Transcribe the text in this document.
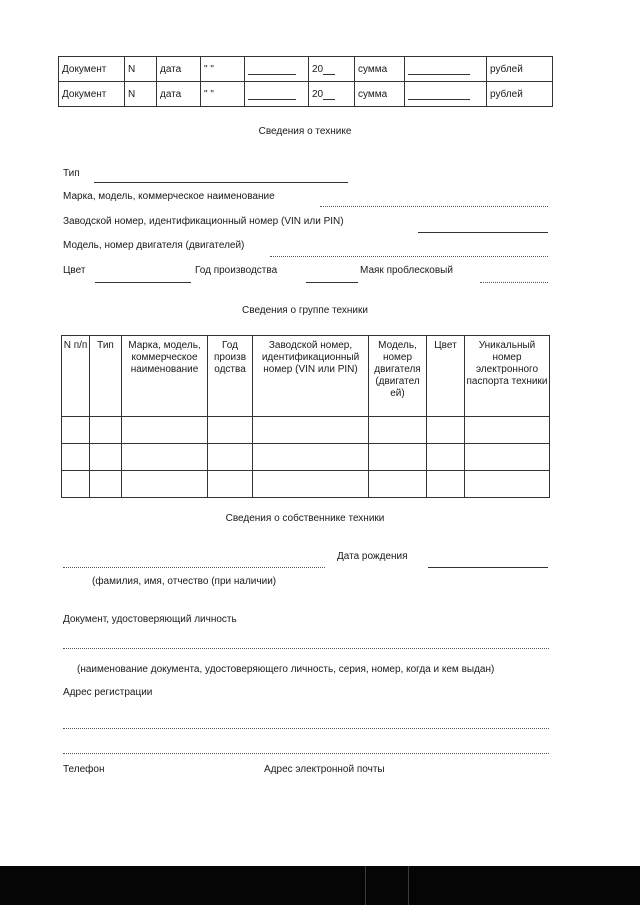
Документ	N	дата	" "		20	сумма		рублей
Документ	N	дата	" "		20	сумма		рублей
Сведения о технике
Тип
Марка, модель, коммерческое наименование
Заводской номер, идентификационный номер (VIN или PIN)
Модель, номер двигателя (двигателей)
Цвет	Год производства	Маяк проблесковый
Сведения о группе техники
N п/п	Тип	Марка, модель, коммерческое наименование	Год произв одства	Заводской номер, идентификационный номер (VIN или PIN)	Модель, номер двигателя (двигател ей)	Цвет	Уникальный номер электронного паспорта техники

Сведения о собственнике техники
Дата рождения
(фамилия, имя, отчество (при наличии)
Документ, удостоверяющий личность
(наименование документа, удостоверяющего личность, серия, номер, когда и кем выдан)
Адрес регистрации
Телефон	Адрес электронной почты
